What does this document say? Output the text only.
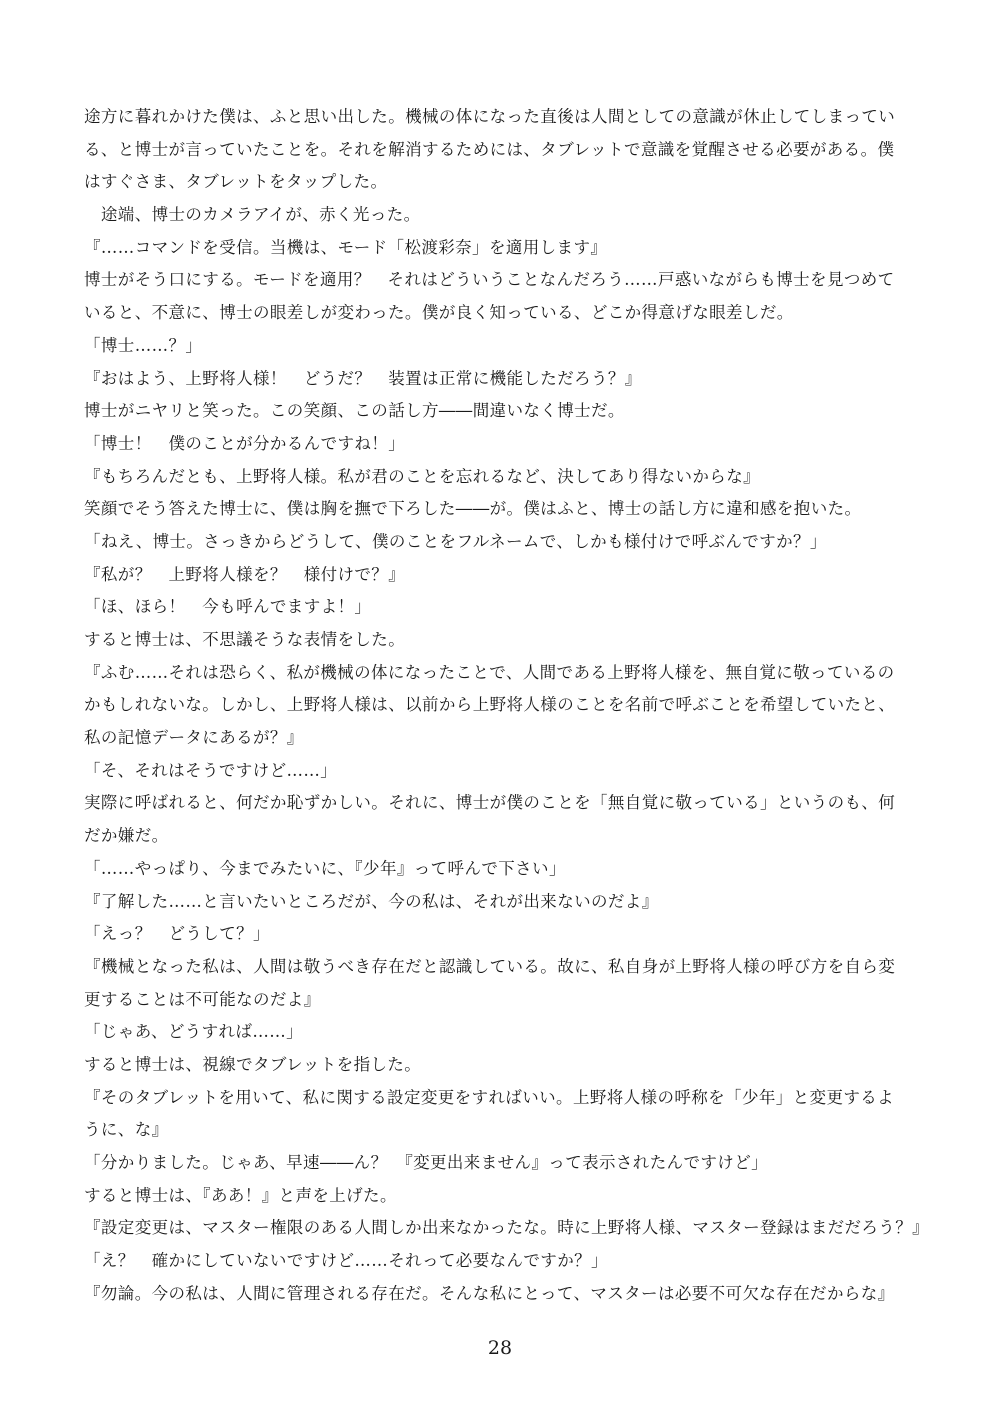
途方に暮れかけた僕は、ふと思い出した。機械の体になった直後は人間としての意識が休止してしまってい
る、と博士が言っていたことを。それを解消するためには、タブレットで意識を覚醒させる必要がある。僕
はすぐさま、タブレットをタップした。
　途端、博士のカメラアイが、赤く光った。
『……コマンドを受信。当機は、モード「松渡彩奈」を適用します』
博士がそう口にする。モードを適用？　それはどういうことなんだろう……戸惑いながらも博士を見つめて
いると、不意に、博士の眼差しが変わった。僕が良く知っている、どこか得意げな眼差しだ。
「博士……？」
『おはよう、上野将人様！　どうだ？　装置は正常に機能しただろう？』
博士がニヤリと笑った。この笑顔、この話し方――間違いなく博士だ。
「博士！　僕のことが分かるんですね！」
『もちろんだとも、上野将人様。私が君のことを忘れるなど、決してあり得ないからな』
笑顔でそう答えた博士に、僕は胸を撫で下ろした――が。僕はふと、博士の話し方に違和感を抱いた。
「ねえ、博士。さっきからどうして、僕のことをフルネームで、しかも様付けで呼ぶんですか？」
『私が？　上野将人様を？　様付けで？』
「ほ、ほら！　今も呼んでますよ！」
すると博士は、不思議そうな表情をした。
『ふむ……それは恐らく、私が機械の体になったことで、人間である上野将人様を、無自覚に敬っているの
かもしれないな。しかし、上野将人様は、以前から上野将人様のことを名前で呼ぶことを希望していたと、
私の記憶データにあるが？』
「そ、それはそうですけど……」
実際に呼ばれると、何だか恥ずかしい。それに、博士が僕のことを「無自覚に敬っている」というのも、何
だか嫌だ。
「……やっぱり、今までみたいに、『少年』って呼んで下さい」
『了解した……と言いたいところだが、今の私は、それが出来ないのだよ』
「えっ？　どうして？」
『機械となった私は、人間は敬うべき存在だと認識している。故に、私自身が上野将人様の呼び方を自ら変
更することは不可能なのだよ』
「じゃあ、どうすれば……」
すると博士は、視線でタブレットを指した。
『そのタブレットを用いて、私に関する設定変更をすればいい。上野将人様の呼称を「少年」と変更するよ
うに、な』
「分かりました。じゃあ、早速――ん？　『変更出来ません』って表示されたんですけど」
すると博士は、『ああ！』と声を上げた。
『設定変更は、マスター権限のある人間しか出来なかったな。時に上野将人様、マスター登録はまだだろう？』
「え？　確かにしていないですけど……それって必要なんですか？」
『勿論。今の私は、人間に管理される存在だ。そんな私にとって、マスターは必要不可欠な存在だからな』
28
